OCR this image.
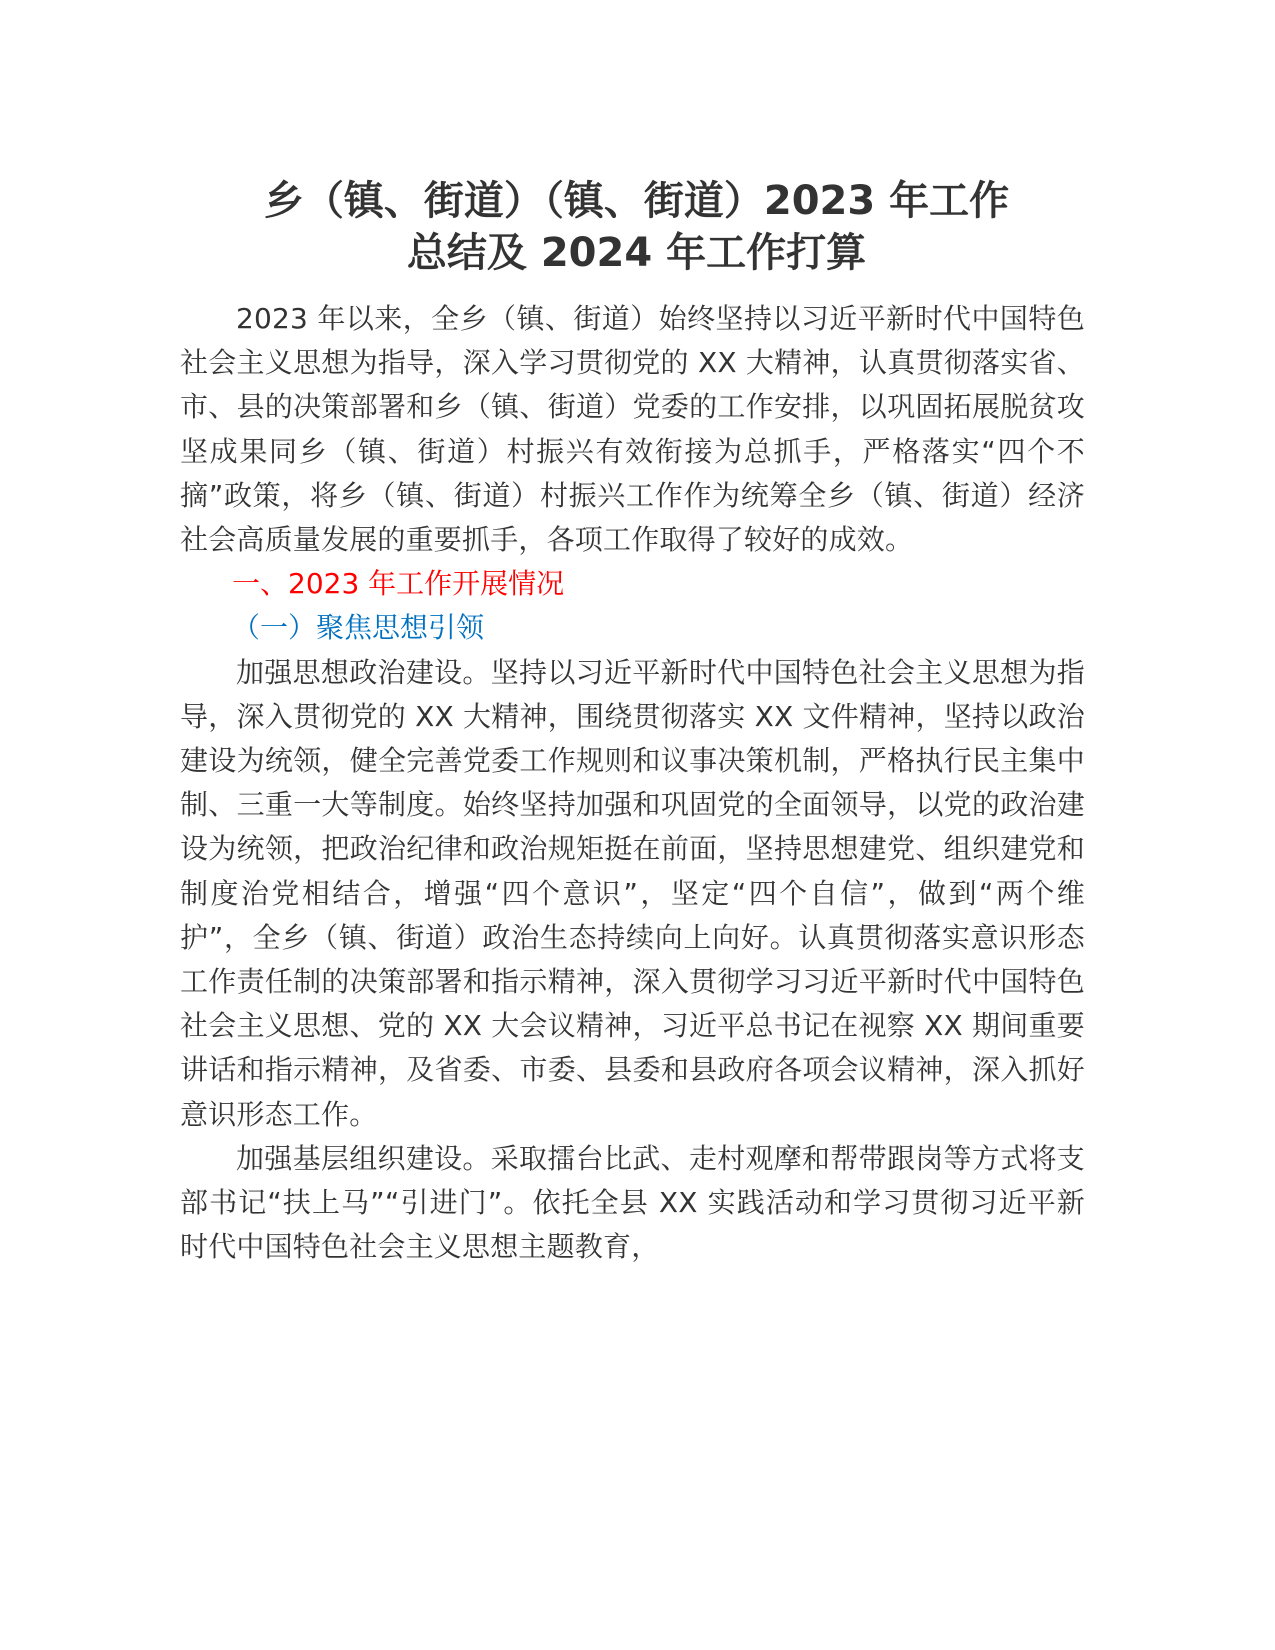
乡（镇、街道）（镇、街道）2023 年工作
总结及 2024 年工作打算

2023 年以来，全乡（镇、街道）始终坚持以习近平新时代中国特色社会主义思想为指导，深入学习贯彻党的 XX 大精神，认真贯彻落实省、市、县的决策部署和乡（镇、街道）党委的工作安排，以巩固拓展脱贫攻坚成果同乡（镇、街道）村振兴有效衔接为总抓手，严格落实“四个不摘”政策，将乡（镇、街道）村振兴工作作为统筹全乡（镇、街道）经济社会高质量发展的重要抓手，各项工作取得了较好的成效。

一、2023 年工作开展情况

（一）聚焦思想引领

加强思想政治建设。坚持以习近平新时代中国特色社会主义思想为指导，深入贯彻党的 XX 大精神，围绕贯彻落实 XX 文件精神，坚持以政治建设为统领，健全完善党委工作规则和议事决策机制，严格执行民主集中制、三重一大等制度。始终坚持加强和巩固党的全面领导，以党的政治建设为统领，把政治纪律和政治规矩挺在前面，坚持思想建党、组织建党和制度治党相结合，增强“四个意识”，坚定“四个自信”，做到“两个维护”，全乡（镇、街道）政治生态持续向上向好。认真贯彻落实意识形态工作责任制的决策部署和指示精神，深入贯彻学习习近平新时代中国特色社会主义思想、党的 XX 大会议精神，习近平总书记在视察 XX 期间重要讲话和指示精神，及省委、市委、县委和县政府各项会议精神，深入抓好意识形态工作。

加强基层组织建设。采取擂台比武、走村观摩和帮带跟岗等方式将支部书记“扶上马”“引进门”。依托全县 XX 实践活动和学习贯彻习近平新时代中国特色社会主义思想主题教育，
